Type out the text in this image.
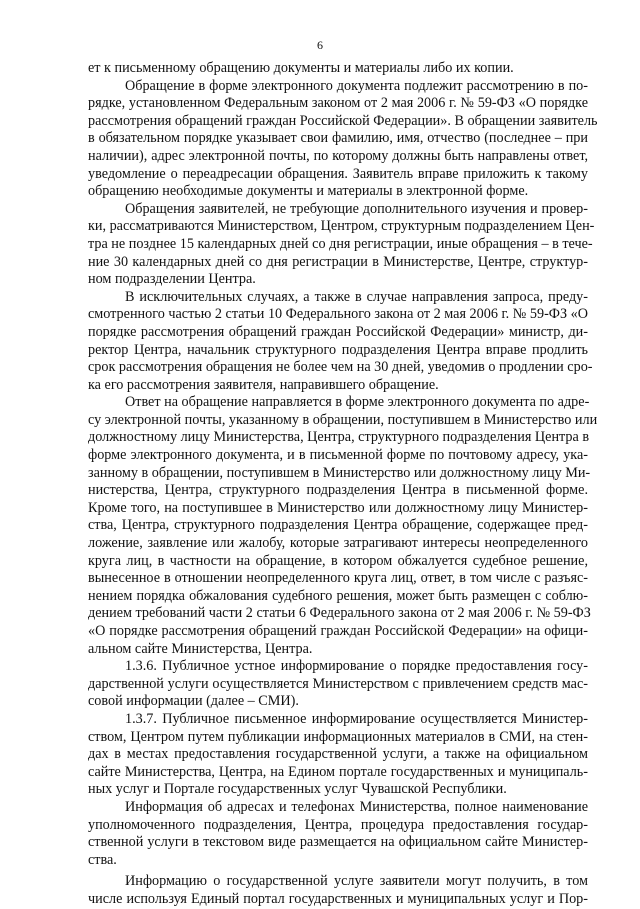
6
ет к письменному обращению документы и материалы либо их копии.
Обращение в форме электронного документа подлежит рассмотрению в по-
рядке, установленном Федеральным законом от 2 мая 2006 г. № 59-ФЗ «О порядке
рассмотрения обращений граждан Российской Федерации». В обращении заявитель
в обязательном порядке указывает свои фамилию, имя, отчество (последнее – при
наличии), адрес электронной почты, по которому должны быть направлены ответ,
уведомление о переадресации обращения. Заявитель вправе приложить к такому
обращению необходимые документы и материалы в электронной форме.
Обращения заявителей, не требующие дополнительного изучения и провер-
ки, рассматриваются Министерством, Центром, структурным подразделением Цен-
тра не позднее 15 календарных дней со дня регистрации, иные обращения – в тече-
ние 30 календарных дней со дня регистрации в Министерстве, Центре, структур-
ном подразделении Центра.
В исключительных случаях, а также в случае направления запроса, преду-
смотренного частью 2 статьи 10 Федерального закона от 2 мая 2006 г. № 59-ФЗ «О
порядке рассмотрения обращений граждан Российской Федерации» министр, ди-
ректор Центра, начальник структурного подразделения Центра вправе продлить
срок рассмотрения обращения не более чем на 30 дней, уведомив о продлении сро-
ка его рассмотрения заявителя, направившего обращение.
Ответ на обращение направляется в форме электронного документа по адре-
су электронной почты, указанному в обращении, поступившем в Министерство или
должностному лицу Министерства, Центра, структурного подразделения Центра в
форме электронного документа, и в письменной форме по почтовому адресу, ука-
занному в обращении, поступившем в Министерство или должностному лицу Ми-
нистерства, Центра, структурного подразделения Центра в письменной форме.
Кроме того, на поступившее в Министерство или должностному лицу Министер-
ства, Центра, структурного подразделения Центра обращение, содержащее пред-
ложение, заявление или жалобу, которые затрагивают интересы неопределенного
круга лиц, в частности на обращение, в котором обжалуется судебное решение,
вынесенное в отношении неопределенного круга лиц, ответ, в том числе с разъяс-
нением порядка обжалования судебного решения, может быть размещен с соблю-
дением требований части 2 статьи 6 Федерального закона от 2 мая 2006 г. № 59-ФЗ
«О порядке рассмотрения обращений граждан Российской Федерации» на офици-
альном сайте Министерства, Центра.
1.3.6. Публичное устное информирование о порядке предоставления госу-
дарственной услуги осуществляется Министерством с привлечением средств мас-
совой информации (далее – СМИ).
1.3.7. Публичное письменное информирование осуществляется Министер-
ством, Центром путем публикации информационных материалов в СМИ, на стен-
дах в местах предоставления государственной услуги, а также на официальном
сайте Министерства, Центра, на Едином портале государственных и муниципаль-
ных услуг и Портале государственных услуг Чувашской Республики.
Информация об адресах и телефонах Министерства, полное наименование
уполномоченного подразделения, Центра, процедура предоставления государ-
ственной услуги в текстовом виде размещается на официальном сайте Министер-
ства.
Информацию о государственной услуге заявители могут получить, в том
числе используя Единый портал государственных и муниципальных услуг и Пор-
